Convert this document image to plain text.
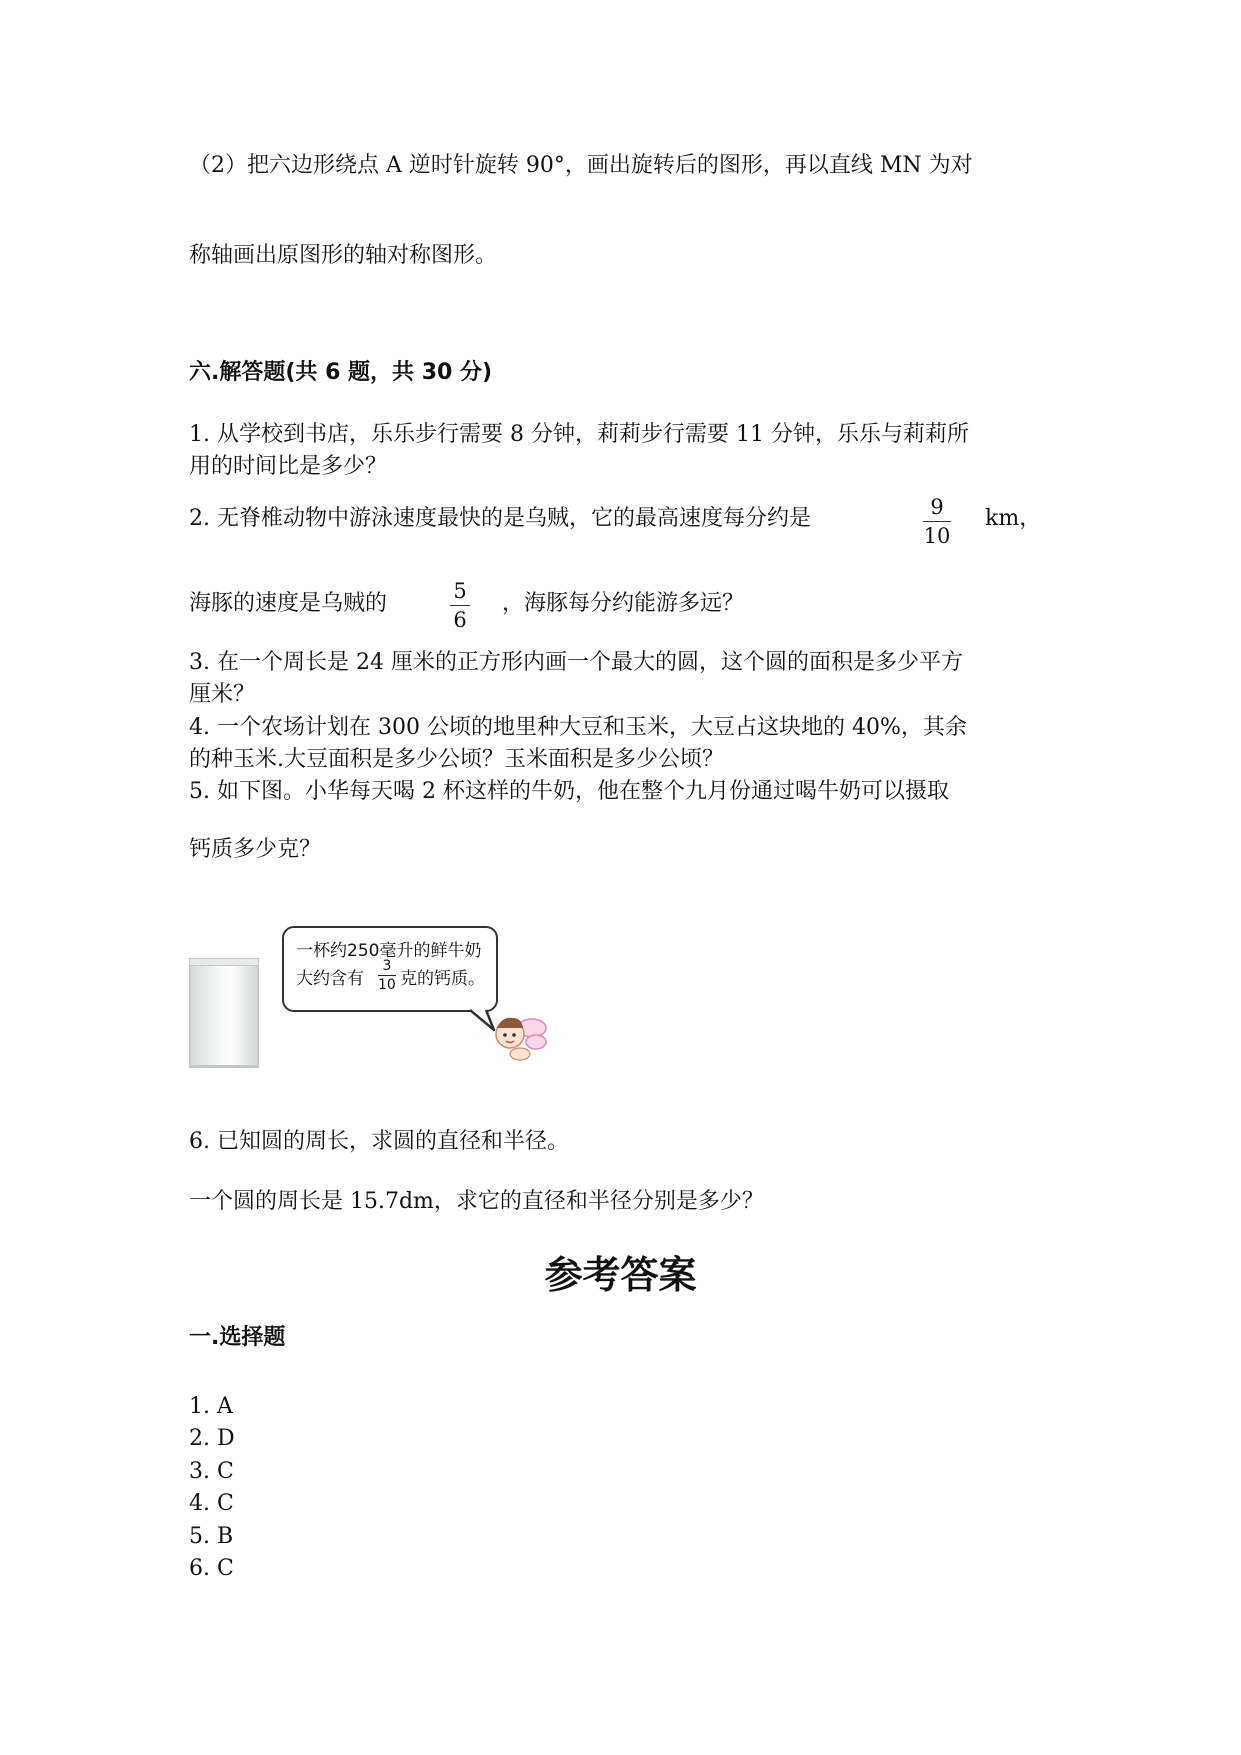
（2）把六边形绕点 A 逆时针旋转 90°，画出旋转后的图形，再以直线 MN 为对
称轴画出原图形的轴对称图形。
六.解答题(共 6 题，共 30 分)
1. 从学校到书店，乐乐步行需要 8 分钟，莉莉步行需要 11 分钟，乐乐与莉莉所
用的时间比是多少？
2. 无脊椎动物中游泳速度最快的是乌贼，它的最高速度每分约是	9
10
km，
海豚的速度是乌贼的	5
6
，海豚每分约能游多远？
3. 在一个周长是 24 厘米的正方形内画一个最大的圆，这个圆的面积是多少平方
厘米？
4. 一个农场计划在 300 公顷的地里种大豆和玉米，大豆占这块地的 40%，其余
的种玉米.大豆面积是多少公顷？玉米面积是多少公顷？
5. 如下图。小华每天喝 2 杯这样的牛奶，他在整个九月份通过喝牛奶可以摄取
钙质多少克？
一杯约250毫升的鲜牛奶
大约含有
3
10 克的钙质。
6. 已知圆的周长，求圆的直径和半径。
一个圆的周长是 15.7dm，求它的直径和半径分别是多少？
参考答案
一.选择题
1. A
2. D
3. C
4. C
5. B
6. C
